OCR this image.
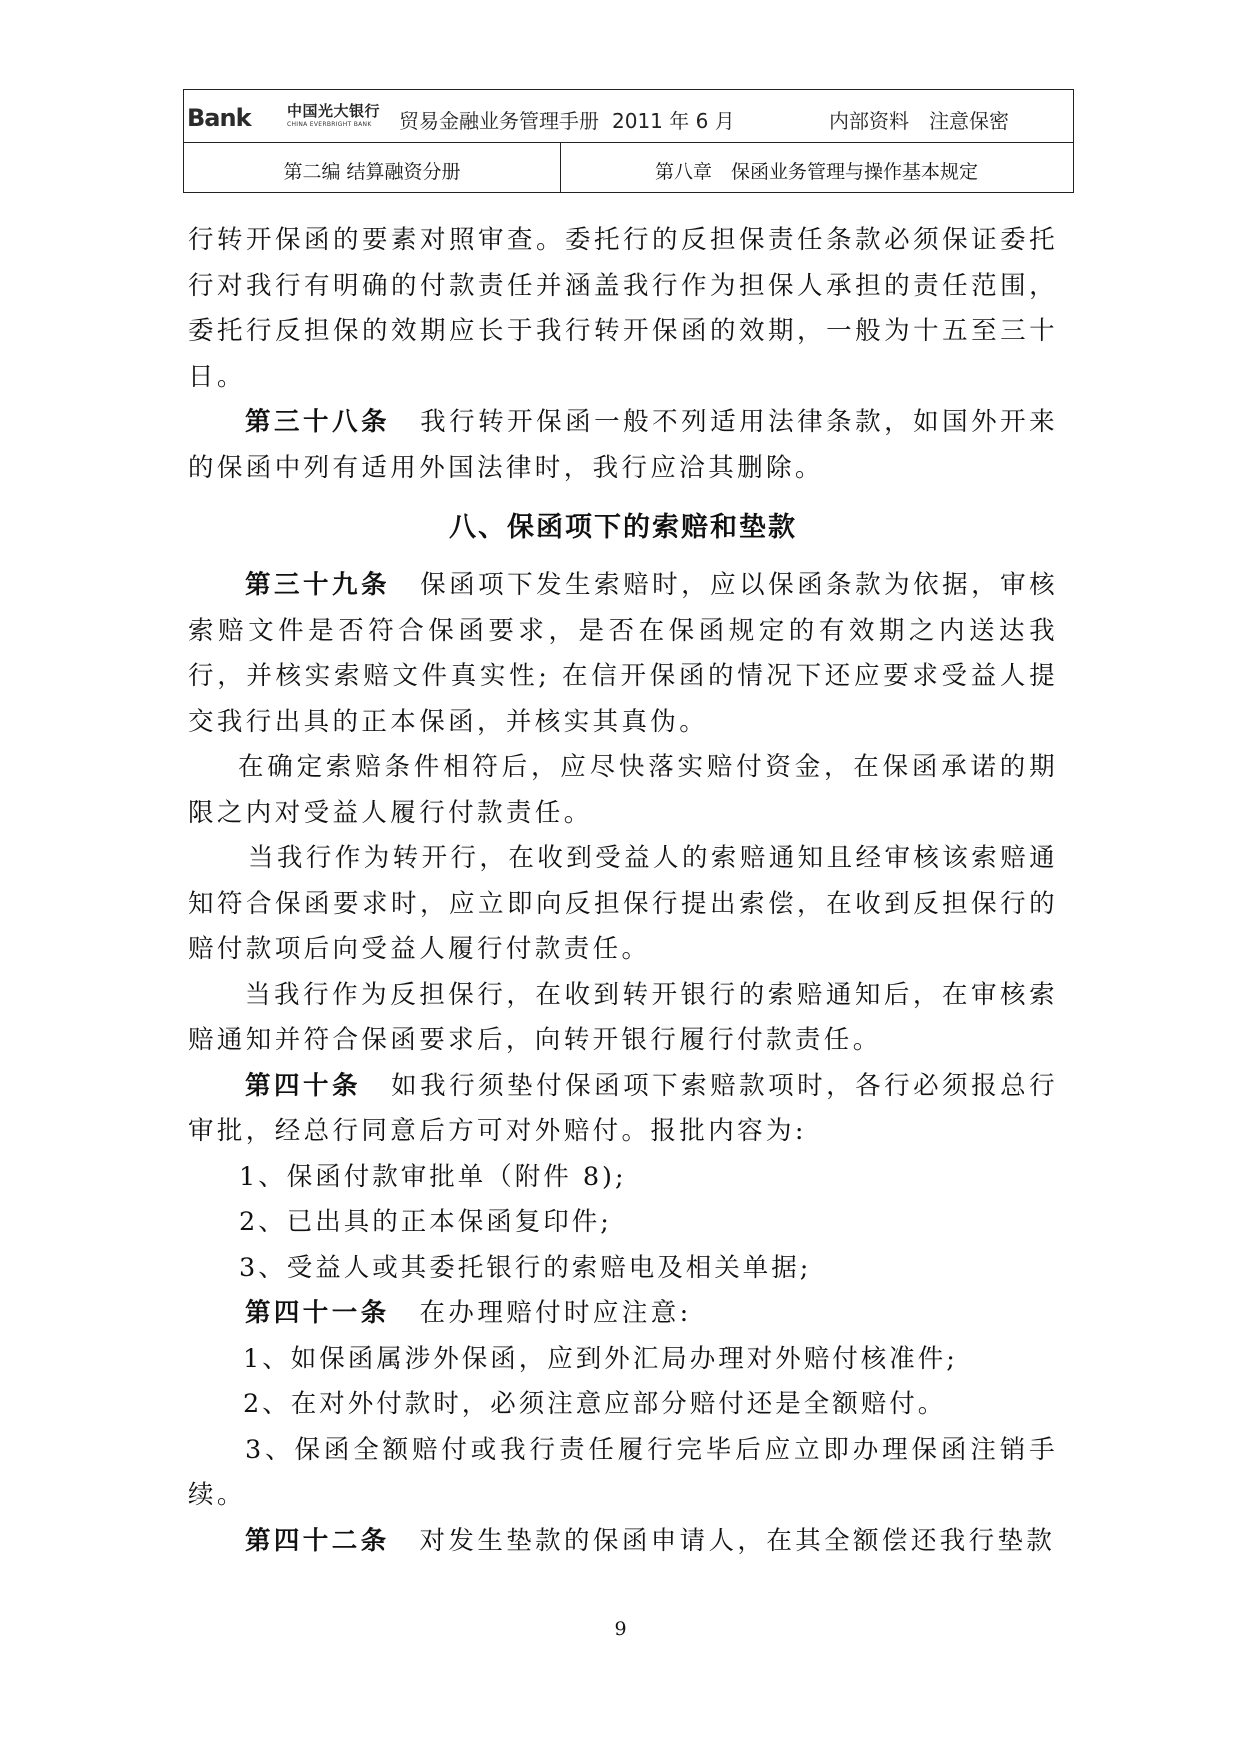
Bank 中国光大银行
CHINA EVERBRIGHT BANK 贸易金融业务管理手册 2011 年 6 月	内部资料　注意保密
第二编 结算融资分册	第八章　保函业务管理与操作基本规定

行转开保函的要素对照审查。委托行的反担保责任条款必须保证委托行对我行有明确的付款责任并涵盖我行作为担保人承担的责任范围，委托行反担保的效期应长于我行转开保函的效期，一般为十五至三十日。

第三十八条 我行转开保函一般不列适用法律条款，如国外开来的保函中列有适用外国法律时，我行应洽其删除。

八、保函项下的索赔和垫款

第三十九条 保函项下发生索赔时，应以保函条款为依据，审核索赔文件是否符合保函要求，是否在保函规定的有效期之内送达我行，并核实索赔文件真实性; 在信开保函的情况下还应要求受益人提交我行出具的正本保函，并核实其真伪。

在确定索赔条件相符后，应尽快落实赔付资金，在保函承诺的期限之内对受益人履行付款责任。

当我行作为转开行，在收到受益人的索赔通知且经审核该索赔通知符合保函要求时，应立即向反担保行提出索偿，在收到反担保行的赔付款项后向受益人履行付款责任。

当我行作为反担保行，在收到转开银行的索赔通知后，在审核索赔通知并符合保函要求后，向转开银行履行付款责任。

第四十条 如我行须垫付保函项下索赔款项时，各行必须报总行审批，经总行同意后方可对外赔付。报批内容为:

1、保函付款审批单（附件 8);

2、已出具的正本保函复印件;

3、受益人或其委托银行的索赔电及相关单据;

第四十一条 在办理赔付时应注意:

1、如保函属涉外保函，应到外汇局办理对外赔付核准件;

2、在对外付款时，必须注意应部分赔付还是全额赔付。

3、保函全额赔付或我行责任履行完毕后应立即办理保函注销手续。

第四十二条 对发生垫款的保函申请人，在其全额偿还我行垫款

9
